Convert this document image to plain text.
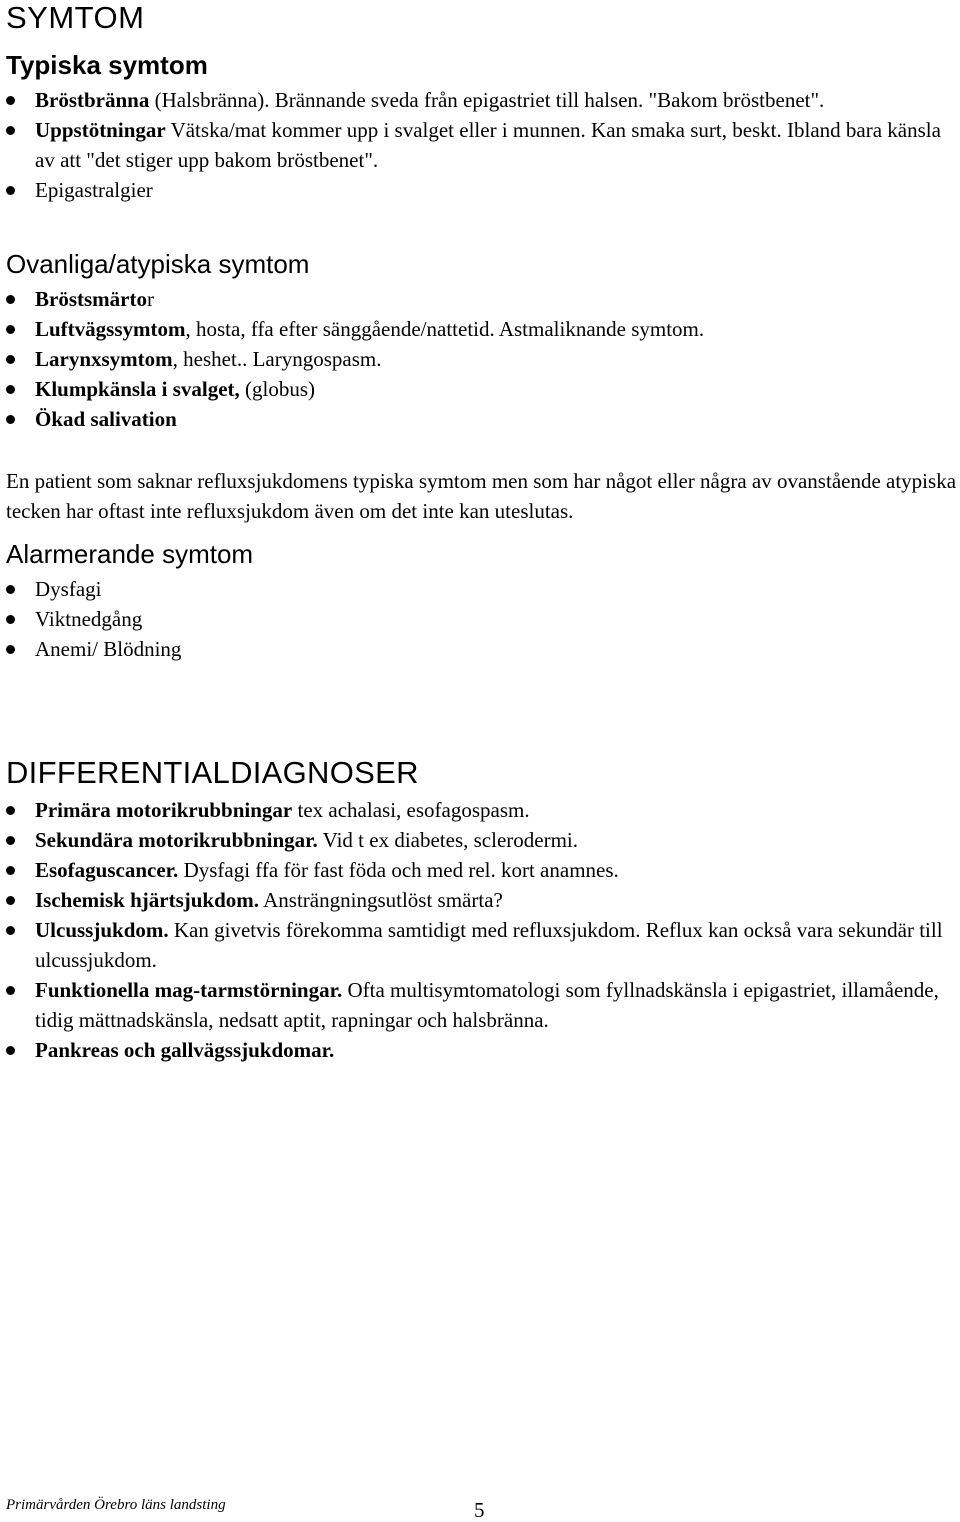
SYMTOM
Typiska symtom
Bröstbränna (Halsbränna). Brännande sveda från epigastriet till halsen. "Bakom bröstbenet".
Uppstötningar Vätska/mat kommer upp i svalget eller i munnen. Kan smaka surt, beskt. Ibland bara känsla av att "det stiger upp bakom bröstbenet".
Epigastralgier
Ovanliga/atypiska symtom
Bröstsmärtor
Luftvägssymtom, hosta, ffa efter sänggående/nattetid. Astmaliknande symtom.
Larynxsymtom, heshet.. Laryngospasm.
Klumpkänsla i svalget, (globus)
Ökad salivation

En patient som saknar refluxsjukdomens typiska symtom men som har något eller några av ovanstående atypiska tecken har oftast inte refluxsjukdom även om det inte kan uteslutas.

Alarmerande symtom
Dysfagi
Viktnedgång
Anemi/ Blödning
DIFFERENTIALDIAGNOSER
Primära motorikrubbningar tex achalasi, esofagospasm.
Sekundära motorikrubbningar. Vid t ex diabetes, sclerodermi.
Esofaguscancer. Dysfagi ffa för fast föda och med rel. kort anamnes.
Ischemisk hjärtsjukdom. Ansträngningsutlöst smärta?
Ulcussjukdom. Kan givetvis förekomma samtidigt med refluxsjukdom. Reflux kan också vara sekundär till ulcussjukdom.
Funktionella mag-tarmstörningar. Ofta multisymtomatologi som fyllnadskänsla i epigastriet, illamående, tidig mättnadskänsla, nedsatt aptit, rapningar och halsbränna.
Pankreas och gallvägssjukdomar.
Primärvården Örebro läns landsting	5
